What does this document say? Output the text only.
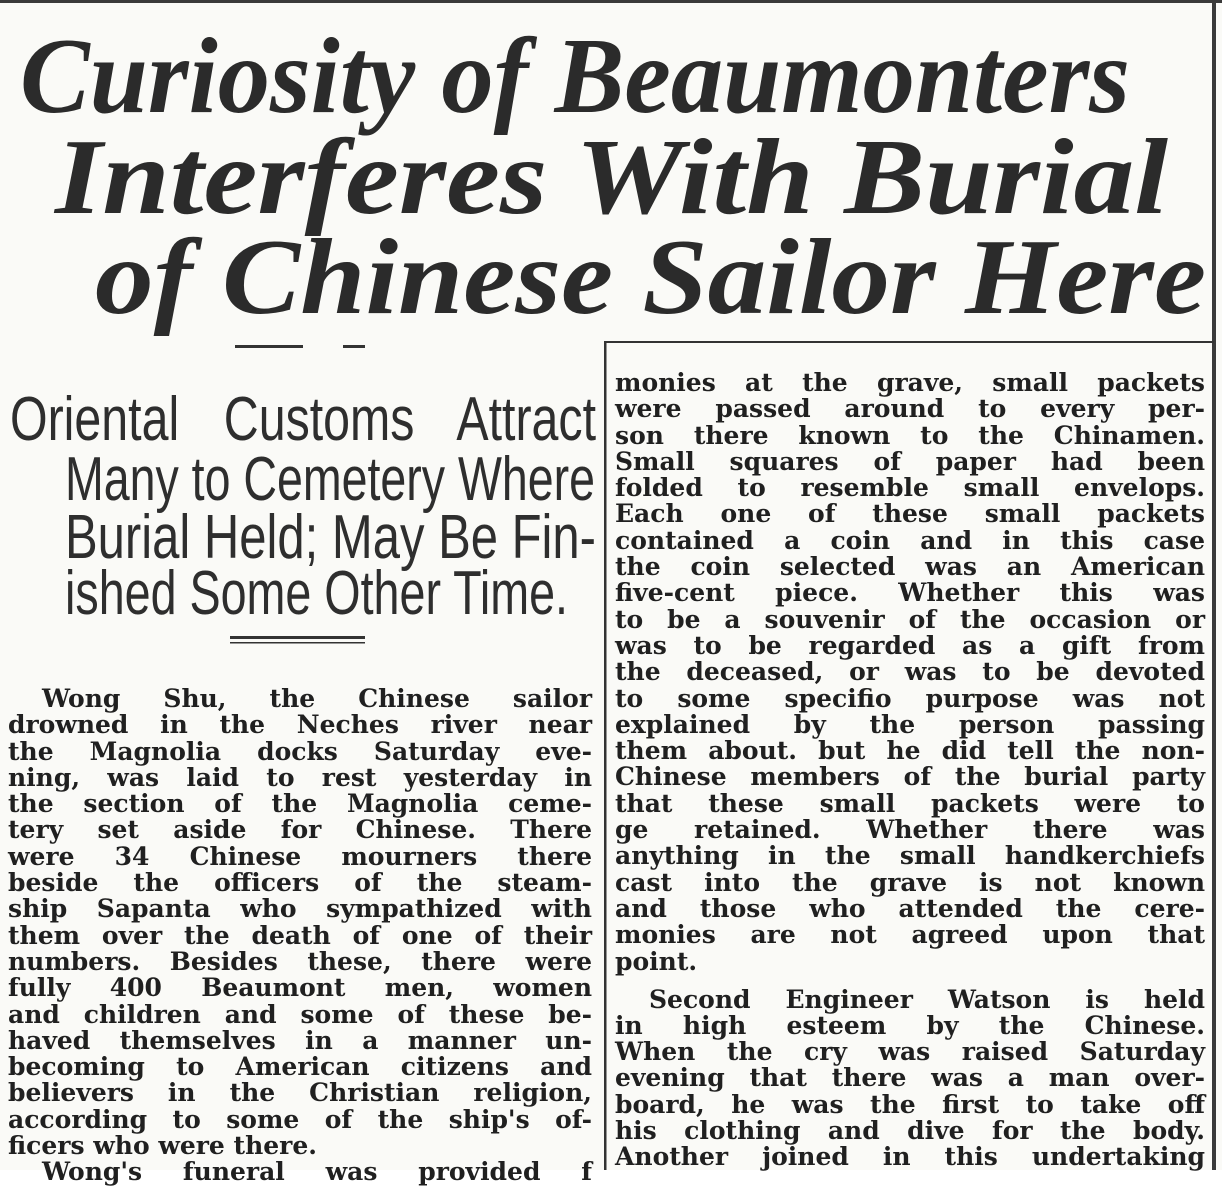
Curiosity of Beaumonters
Interferes With Burial
of Chinese Sailor Here
Oriental Customs Attract
Many to Cemetery Where
Burial Held; May Be Fin-
ished Some Other Time.
Wong Shu, the Chinese sailor
drowned in the Neches river near
the Magnolia docks Saturday eve-
ning, was laid to rest yesterday in
the section of the Magnolia ceme-
tery set aside for Chinese. There
were 34 Chinese mourners there
beside the officers of the steam-
ship Sapanta who sympathized with
them over the death of one of their
numbers. Besides these, there were
fully 400 Beaumont men, women
and children and some of these be-
haved themselves in a manner un-
becoming to American citizens and
believers in the Christian religion,
according to some of the ship's of-
ficers who were there.
Wong's funeral was provided f
monies at the grave, small packets
were passed around to every per-
son there known to the Chinamen.
Small squares of paper had been
folded to resemble small envelops.
Each one of these small packets
contained a coin and in this case
the coin selected was an American
five-cent piece. Whether this was
to be a souvenir of the occasion or
was to be regarded as a gift from
the deceased, or was to be devoted
to some specifio purpose was not
explained by the person passing
them about. but he did tell the non-
Chinese members of the burial party
that these small packets were to
ge retained. Whether there was
anything in the small handkerchiefs
cast into the grave is not known
and those who attended the cere-
monies are not agreed upon that
point.
Second Engineer Watson is held
in high esteem by the Chinese.
When the cry was raised Saturday
evening that there was a man over-
board, he was the first to take off
his clothing and dive for the body.
Another joined in this undertaking
